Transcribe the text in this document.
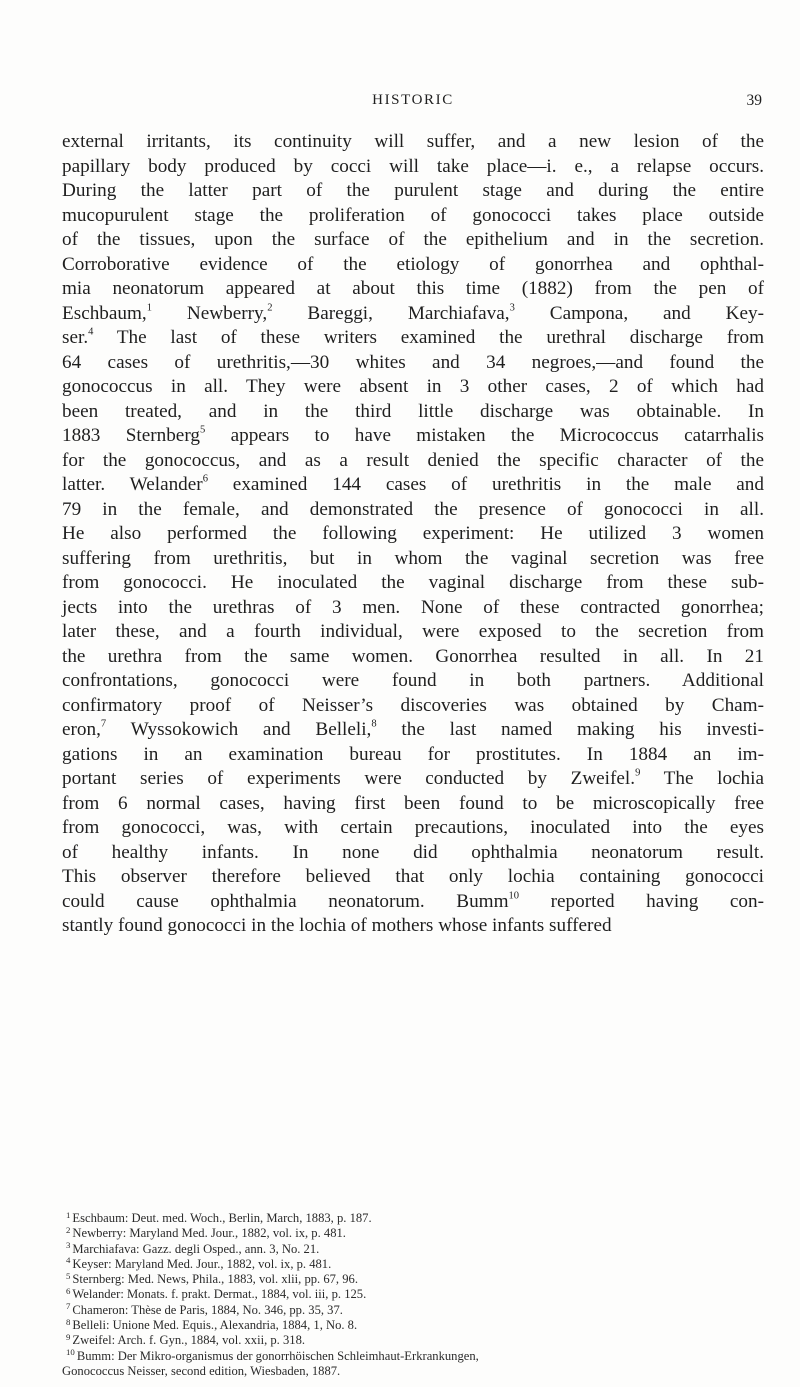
HISTORIC	39
external irritants, its continuity will suffer, and a new lesion of the
papillary body produced by cocci will take place—i. e., a relapse occurs.
During the latter part of the purulent stage and during the entire
mucopurulent stage the proliferation of gonococci takes place outside
of the tissues, upon the surface of the epithelium and in the secretion.
Corroborative evidence of the etiology of gonorrhea and ophthal-
mia neonatorum appeared at about this time (1882) from the pen of
Eschbaum,$^1$ Newberry,$^2$ Bareggi, Marchiafava,$^3$ Campona, and Key-
ser.$^4$ The last of these writers examined the urethral discharge from
64 cases of urethritis,—30 whites and 34 negroes,—and found the
gonococcus in all. They were absent in 3 other cases, 2 of which had
been treated, and in the third little discharge was obtainable. In
1883 Sternberg$^5$ appears to have mistaken the Micrococcus catarrhalis
for the gonococcus, and as a result denied the specific character of the
latter. Welander$^6$ examined 144 cases of urethritis in the male and
79 in the female, and demonstrated the presence of gonococci in all.
He also performed the following experiment: He utilized 3 women
suffering from urethritis, but in whom the vaginal secretion was free
from gonococci. He inoculated the vaginal discharge from these sub-
jects into the urethras of 3 men. None of these contracted gonorrhea;
later these, and a fourth individual, were exposed to the secretion from
the urethra from the same women. Gonorrhea resulted in all. In 21
confrontations, gonococci were found in both partners. Additional
confirmatory proof of Neisser’s discoveries was obtained by Cham-
eron,$^7$ Wyssokowich and Belleli,$^8$ the last named making his investi-
gations in an examination bureau for prostitutes. In 1884 an im-
portant series of experiments were conducted by Zweifel.$^9$ The lochia
from 6 normal cases, having first been found to be microscopically free
from gonococci, was, with certain precautions, inoculated into the eyes
of healthy infants. In none did ophthalmia neonatorum result.
This observer therefore believed that only lochia containing gonococci
could cause ophthalmia neonatorum. Bumm$^{10}$ reported having con-
stantly found gonococci in the lochia of mothers whose infants suffered
$^1$ Eschbaum: Deut. med. Woch., Berlin, March, 1883, p. 187.
$^2$ Newberry: Maryland Med. Jour., 1882, vol. ix, p. 481.
$^3$ Marchiafava: Gazz. degli Osped., ann. 3, No. 21.
$^4$ Keyser: Maryland Med. Jour., 1882, vol. ix, p. 481.
$^5$ Sternberg: Med. News, Phila., 1883, vol. xlii, pp. 67, 96.
$^6$ Welander: Monats. f. prakt. Dermat., 1884, vol. iii, p. 125.
$^7$ Chameron: Thèse de Paris, 1884, No. 346, pp. 35, 37.
$^8$ Belleli: Unione Med. Equis., Alexandria, 1884, 1, No. 8.
$^9$ Zweifel: Arch. f. Gyn., 1884, vol. xxii, p. 318.
$^{10}$ Bumm: Der Mikro-organismus der gonorrhöischen Schleimhaut-Erkrankungen,
Gonococcus Neisser, second edition, Wiesbaden, 1887.
